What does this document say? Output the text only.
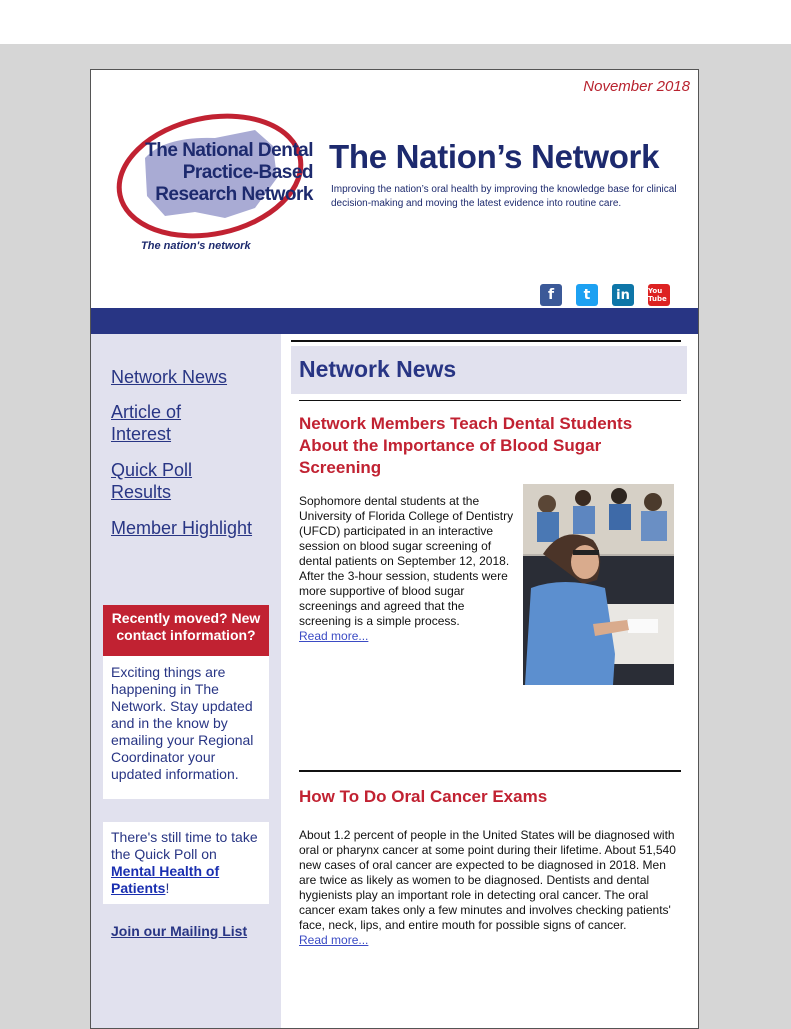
November 2018
The National Dental
Practice-Based
Research Network
The nation's network
The Nation’s Network
Improving the nation’s oral health by improving the knowledge base for clinical decision-making and moving the latest evidence into routine care.
f	t	in	You Tube
Network News
Article of Interest
Quick Poll Results
Member Highlight
Recently moved? New contact information?
Exciting things are happening in The Network. Stay updated and in the know by emailing your Regional Coordinator your updated information.
There's still time to take the Quick Poll on Mental Health of Patients!
Join our Mailing List
Network News
Network Members Teach Dental Students About the Importance of Blood Sugar Screening
Sophomore dental students at the University of Florida College of Dentistry (UFCD) participated in an interactive session on blood sugar screening of dental patients on September 12, 2018. After the 3-hour session, students were more supportive of blood sugar screenings and agreed that the screening is a simple process.
Read more...
How To Do Oral Cancer Exams
About 1.2 percent of people in the United States will be diagnosed with oral or pharynx cancer at some point during their lifetime. About 51,540 new cases of oral cancer are expected to be diagnosed in 2018. Men are twice as likely as women to be diagnosed. Dentists and dental hygienists play an important role in detecting oral cancer. The oral cancer exam takes only a few minutes and involves checking patients' face, neck, lips, and entire mouth for possible signs of cancer.
Read more...
